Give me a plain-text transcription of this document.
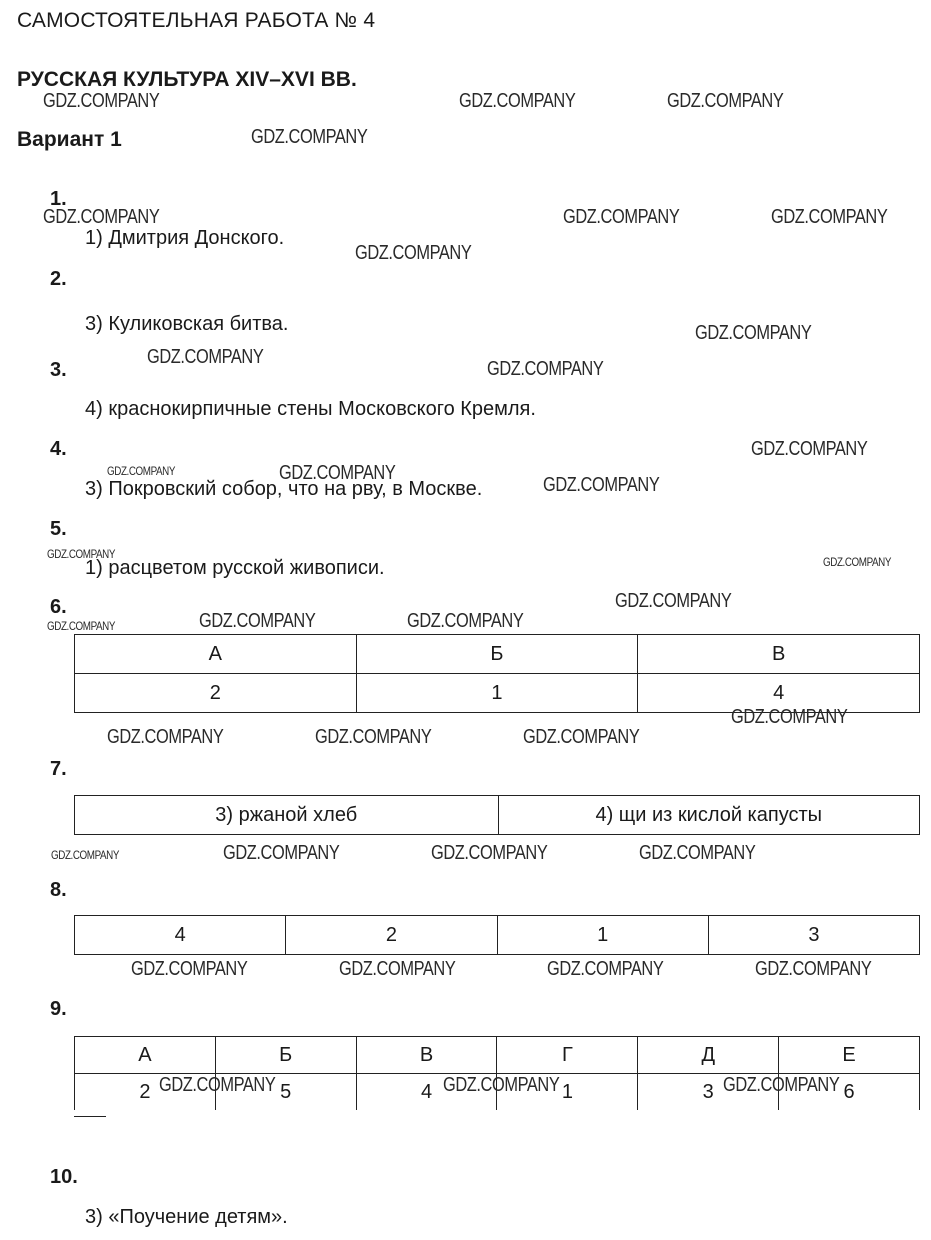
САМОСТОЯТЕЛЬНАЯ РАБОТА № 4
РУССКАЯ КУЛЬТУРА XIV–XVI ВВ.
Вариант 1
1.
1) Дмитрия Донского.
2.
3) Куликовская битва.
3.
4) краснокирпичные стены Московского Кремля.
4.
3) Покровский собор, что на рву, в Москве.
5.
1) расцветом русской живописи.
6.
А	Б	В
2	1	4
7.
3) ржаной хлеб	4) щи из кислой капусты
8.
4	2	1	3
9.
А	Б	В	Г	Д	Е
2	5	4	1	3	6
10.
3) «Поучение детям».
GDZ.COMPANY	GDZ.COMPANY	GDZ.COMPANY
GDZ.COMPANY
GDZ.COMPANY	GDZ.COMPANY	GDZ.COMPANY
GDZ.COMPANY
GDZ.COMPANY
GDZ.COMPANY
GDZ.COMPANY
GDZ.COMPANY
GDZ.COMPANY	GDZ.COMPANY
GDZ.COMPANY
GDZ.COMPANY
GDZ.COMPANY
GDZ.COMPANY
GDZ.COMPANY	GDZ.COMPANY	GDZ.COMPANY
GDZ.COMPANY
GDZ.COMPANY	GDZ.COMPANY	GDZ.COMPANY
GDZ.COMPANY	GDZ.COMPANY	GDZ.COMPANY	GDZ.COMPANY
GDZ.COMPANY	GDZ.COMPANY	GDZ.COMPANY	GDZ.COMPANY
GDZ.COMPANY	GDZ.COMPANY	GDZ.COMPANY
